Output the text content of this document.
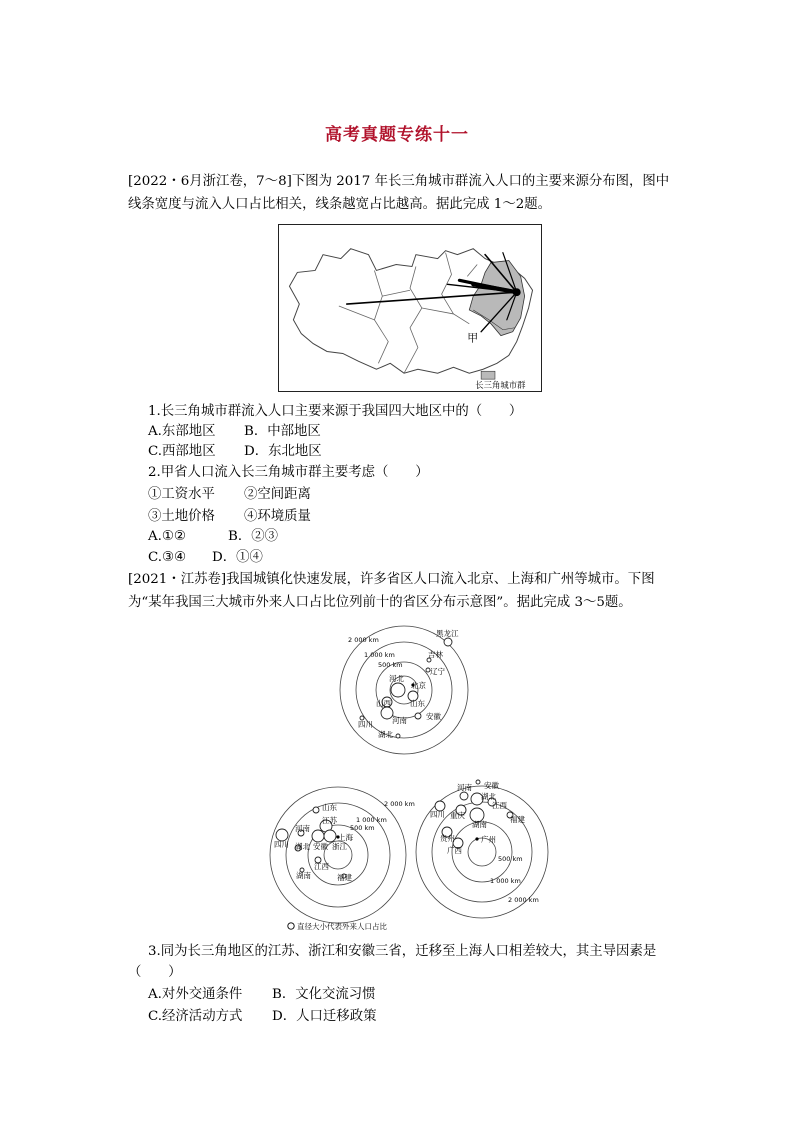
高考真题专练十一

[2022・6月浙江卷，7～8]下图为 2017 年长三角城市群流入人口的主要来源分布图，图中线条宽度与流入人口占比相关，线条越宽占比越高。据此完成 1～2题。

甲
长三角城市群
1.长三角城市群流入人口主要来源于我国四大地区中的（　　）
A.东部地区 B．中部地区
C.西部地区 D．东北地区
2.甲省人口流入长三角城市群主要考虑（　　）
①工资水平 ②空间距离
③土地价格 ④环境质量
A.①②	B．②③
C.③④ D．①④

[2021・江苏卷]我国城镇化快速发展，许多省区人口流入北京、上海和广州等城市。下图为“某年我国三大城市外来人口占比位列前十的省区分布示意图”。据此完成 3～5题。

黑龙江
吉林
辽宁
河北
山西	山东
河南	安徽
四川
湖北
北京
2 000 km
1 000 km
500 km
山东
江苏
河南
安徽 浙江
四川 湖北
江西
湖南	福建
上海
2 000 km
1 000 km
500 km
安徽
河南
湖北
江西
四川 重庆
湖南
福建
贵州
广西
广州
500 km
1 000 km
2 000 km
直径大小代表外来人口占比
3.同为长三角地区的江苏、浙江和安徽三省，迁移至上海人口相差较大，其主导因素是
（　　）
A.对外交通条件 B．文化交流习惯
C.经济活动方式 D．人口迁移政策
